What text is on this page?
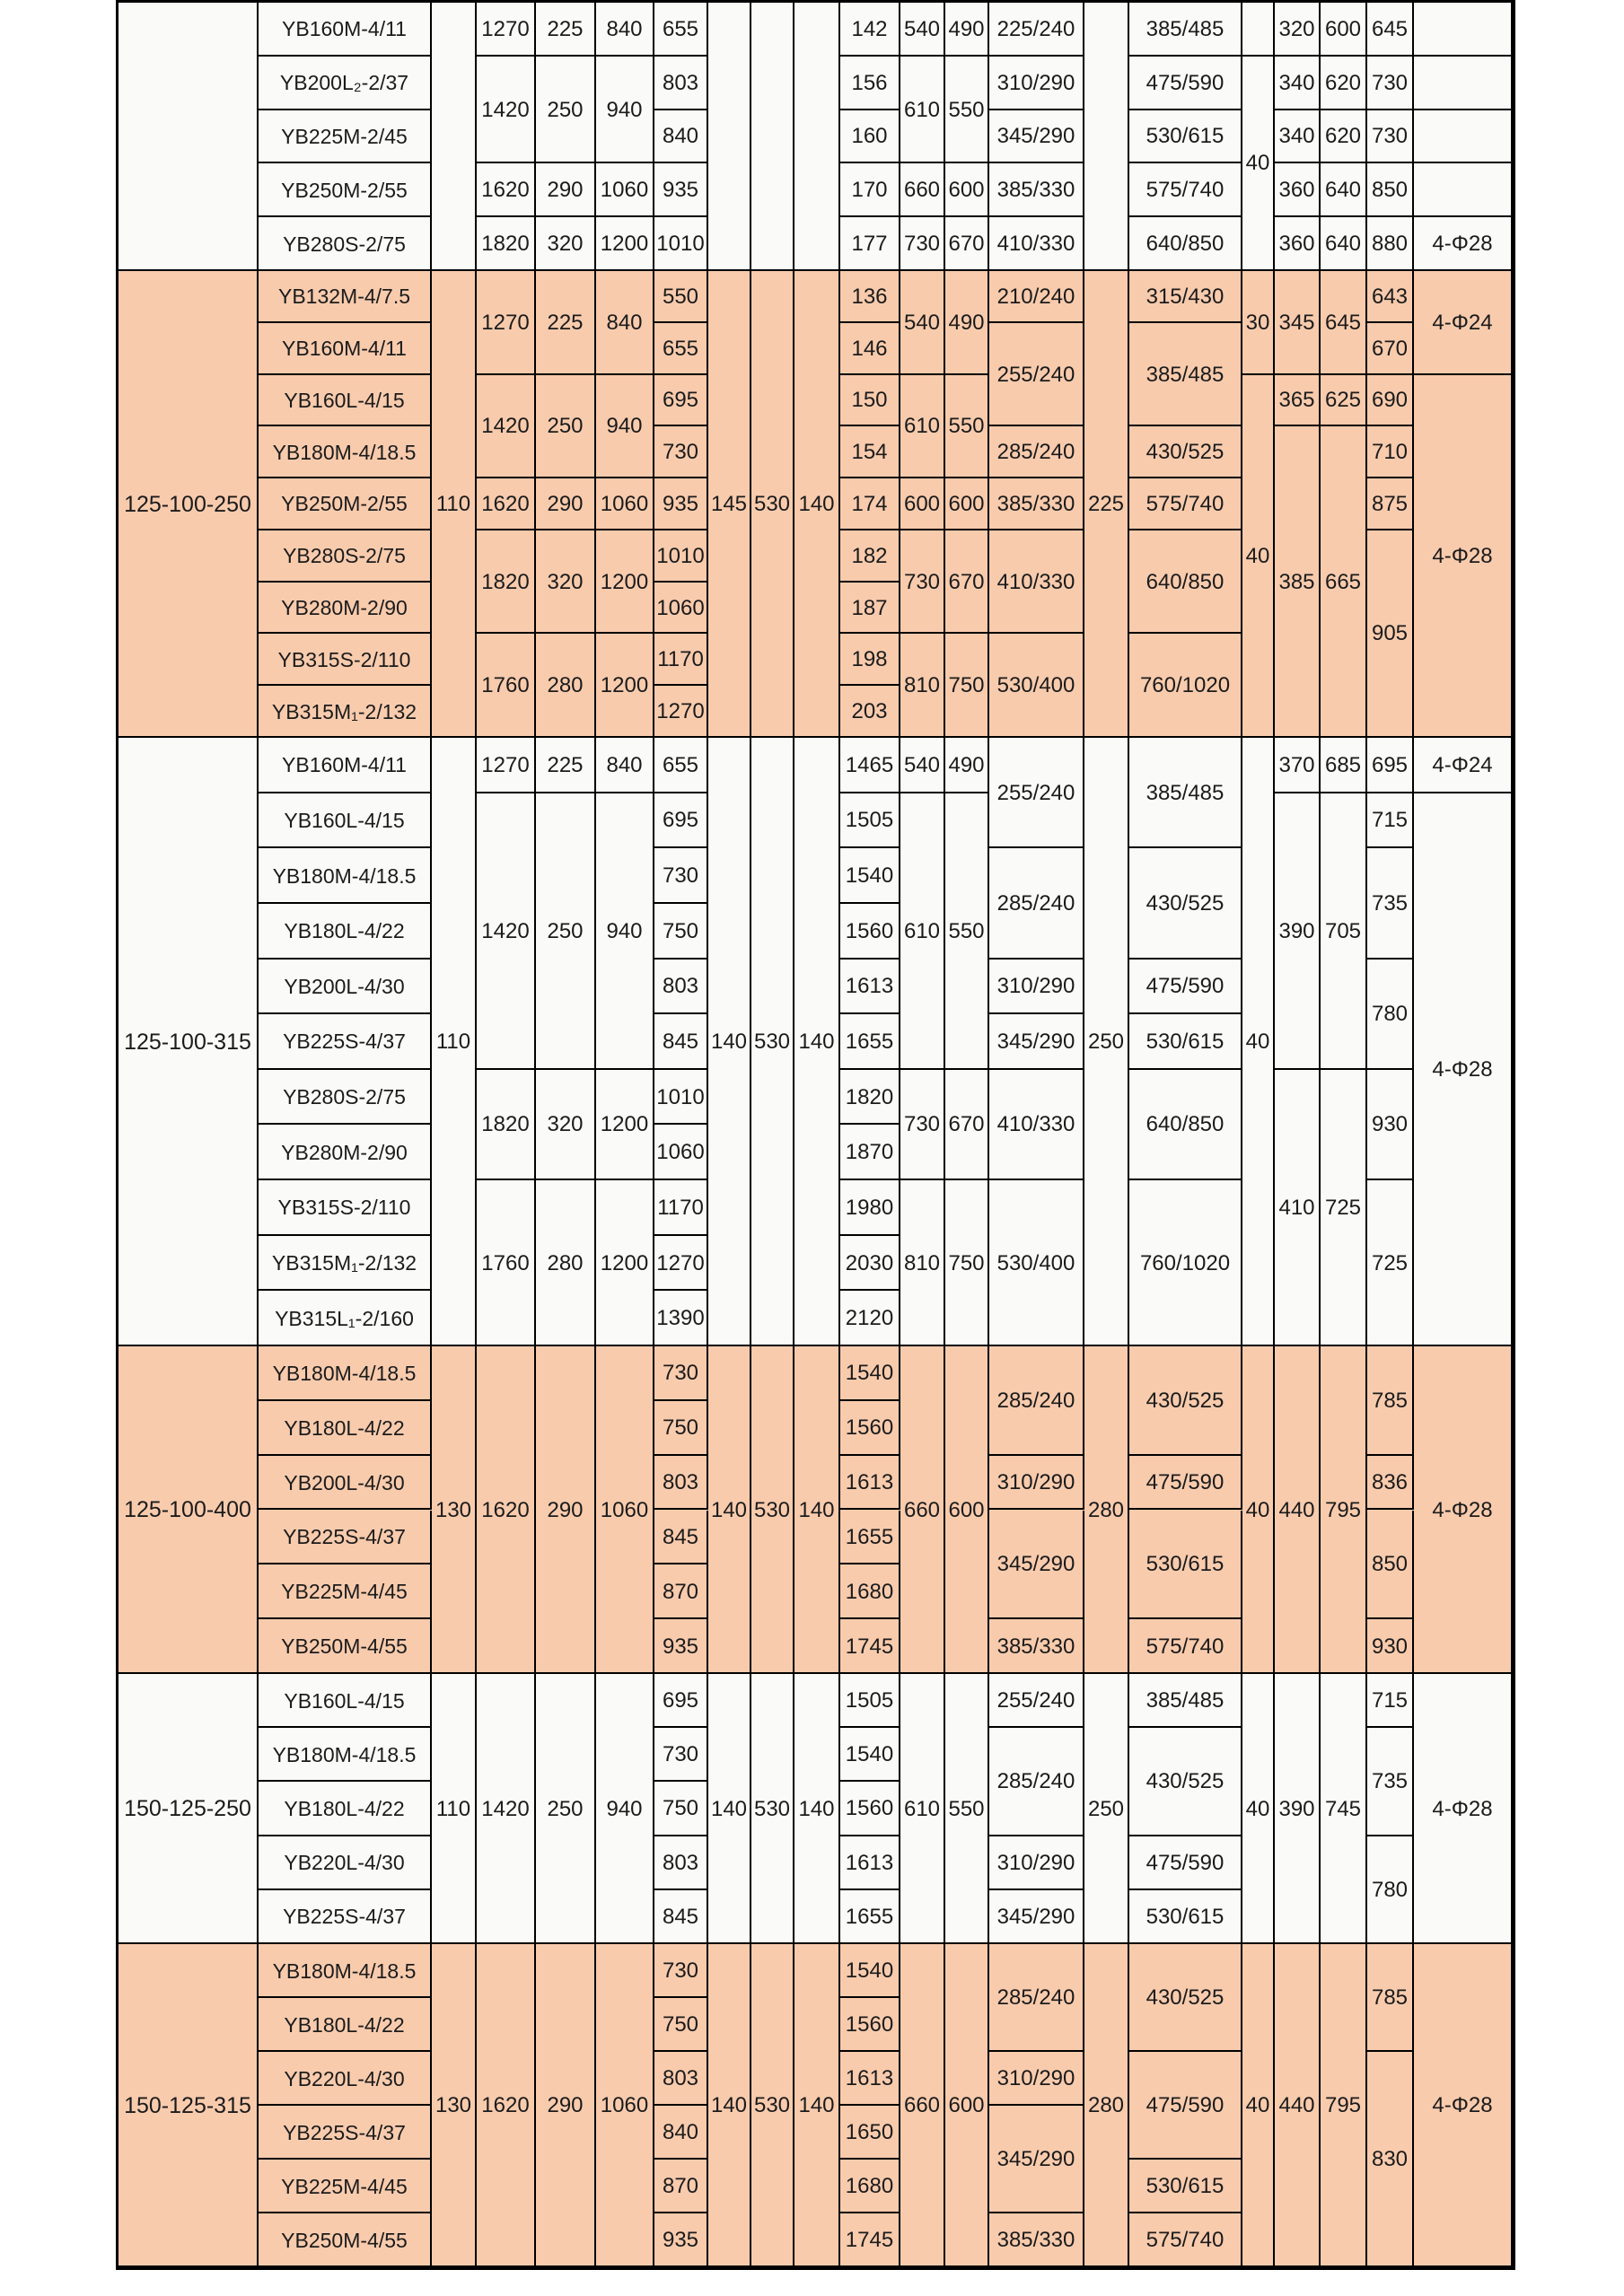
YB160M-4/11
YB200L₂-2/37
YB225M-2/45
YB250M-2/55
YB280S-2/75
1270
1420
1620
1820
225
250
290
320
840
940
1060
1200
655
803
840
935
1010
142
156
160
170
177
540
610
660
730
490
550
600
670
225/240
310/290
345/290
385/330
410/330
385/485
475/590
530/615
575/740
640/850
40
320
340
340
360
360
600
620
620
640
640
645
730
730
850
880 4-Φ28
125-100-250
YB132M-4/7.5
YB160M-4/11
YB160L-4/15
YB180M-4/18.5
YB250M-2/55
YB280S-2/75
YB280M-2/90
YB315S-2/110
YB315M₁-2/132
110
1270
1420
1620
1820
1760
225
250
290
320
280
840
940
1060
1200
1200
550
655
695
730
935
1010
1060
1170
1270
145 530 140
136
146
150
154
174
182
187
198
203
540
610
600
730
810
490
550
600
670
750
210/240
255/240
285/240
385/330
410/330
530/400
225
315/430
385/485
430/525
575/740
640/850
760/1020
30
40
345
365
385
645
625
665
643
670
690
710
875
905
4-Φ24
4-Φ28
125-100-315
YB160M-4/11
YB160L-4/15
YB180M-4/18.5
YB180L-4/22
YB200L-4/30
YB225S-4/37
YB280S-2/75
YB280M-2/90
YB315S-2/110
YB315M₁-2/132
YB315L₁-2/160
110
1270
1420
1820
1760
225
250
320
280
840
940
1200
1200
655
695
730
750
803
845
1010
1060
1170
1270
1390
140 530 140
1465
1505
1540
1560
1613
1655
1820
1870
1980
2030
2120
540
610
730
810
490
550
670
750
255/240
285/240
310/290
345/290
410/330
530/400
250
385/485
430/525
475/590
530/615
640/850
760/1020
40
370
390
410
685
705
725
695
715
735
780
930
725
4-Φ24
4-Φ28
125-100-400
YB180M-4/18.5
YB180L-4/22
YB200L-4/30
YB225S-4/37
YB225M-4/45
YB250M-4/55
130 1620 290 1060
730
750
803
845
870
935
140 530 140
1540
1560
1613
1655
1680
1745
660 600
285/240
310/290
345/290
385/330
280
430/525
475/590
530/615
575/740
40 440 795
785
836
850
930
4-Φ28
150-125-250
YB160L-4/15
YB180M-4/18.5
YB180L-4/22
YB220L-4/30
YB225S-4/37
110 1420 250 940
695
730
750
803
845
140 530 140
1505
1540
1560
1613
1655
610 550
255/240
285/240
310/290
345/290
250
385/485
430/525
475/590
530/615
40 390 745
715
735
780
4-Φ28
150-125-315
YB180M-4/18.5
YB180L-4/22
YB220L-4/30
YB225S-4/37
YB225M-4/45
YB250M-4/55
130 1620 290 1060
730
750
803
840
870
935
140 530 140
1540
1560
1613
1650
1680
1745
660 600
285/240
310/290
345/290
385/330
280
430/525
475/590
530/615
575/740
40 440 795
785
830
4-Φ28
